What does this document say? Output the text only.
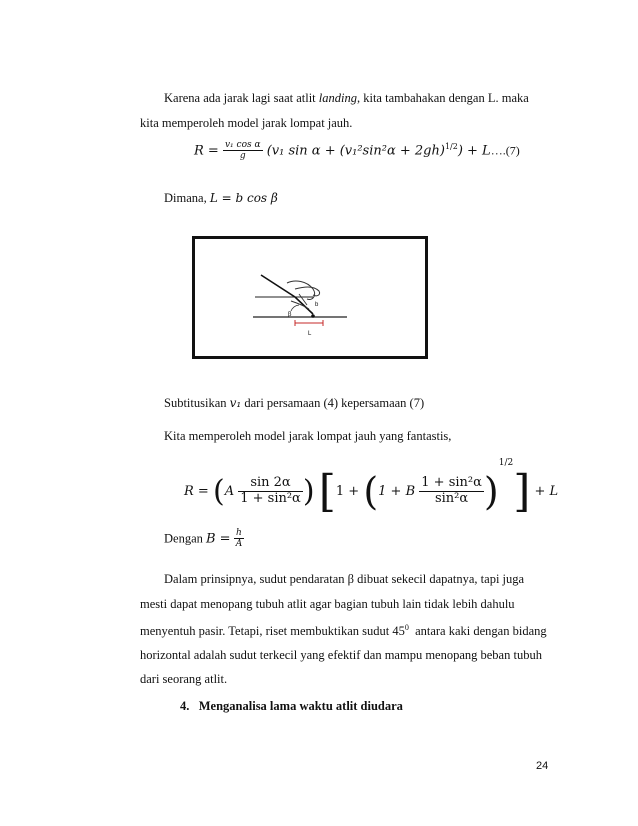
Karena ada jarak lagi saat atlit landing, kita tambahakan dengan L. maka
kita memperoleh model jarak lompat jauh.
$R = \frac{\text{v₁ cos α}}{g} (v_1$ $\sin \alpha + (v_1^2\sin^2\alpha + 2gh)^{1/2}$) + L….(7)
Dimana, L = b cos β
L
b
β
Subtitusikan v₁ dari persamaan (4) kepersamaan (7)
Kita memperoleh model jarak lompat jauh yang fantastis,
$R = (A \frac{\sin 2\alpha}{\text{1 + sin²α}}$ ) [1 + (1 + B $\frac{\text{1 + sin²α}}{\text{sin²α}} )^{1/2}] + L$
Dengan $B = \frac{h}{A}$
Dalam prinsipnya, sudut pendaratan β dibuat sekecil dapatnya, tapi juga
mesti dapat menopang tubuh atlit agar bagian tubuh lain tidak lebih dahulu
menyentuh pasir. Tetapi, riset membuktikan sudut $45^0$  antara kaki dengan bidang
horizontal adalah sudut terkecil yang efektif dan mampu menopang beban tubuh
dari seorang atlit.
4.   Menganalisa lama waktu atlit diudara
24
